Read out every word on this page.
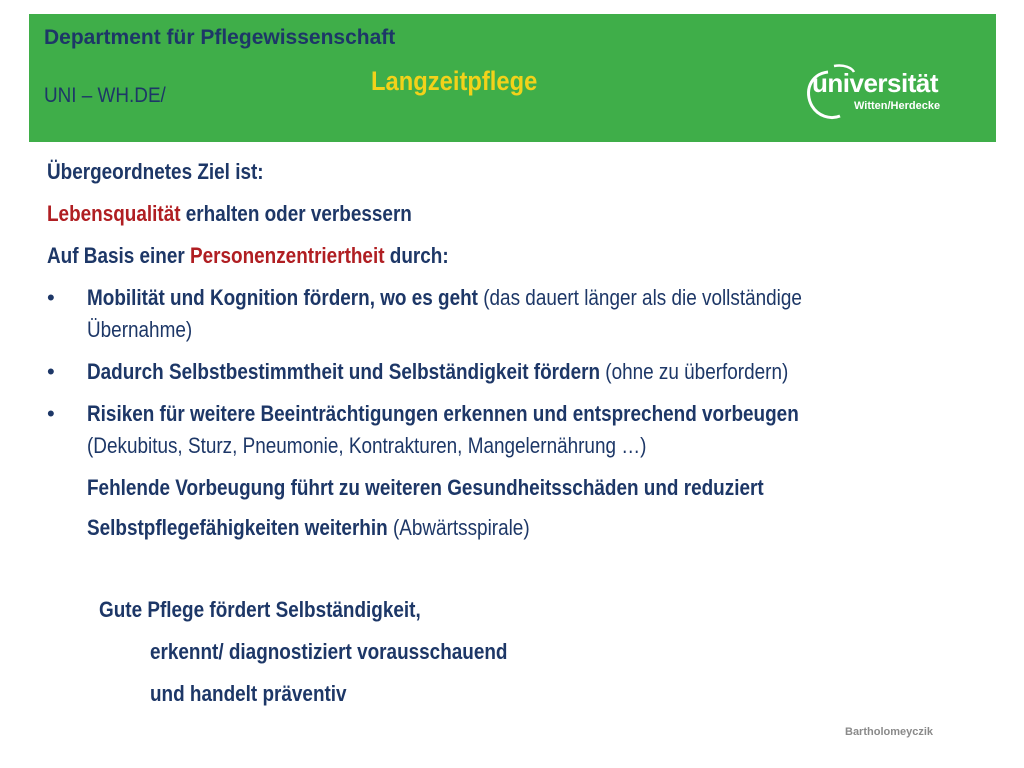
Department für Pflegewissenschaft
UNI – WH.DE/	Langzeitpflege	universität
Witten/Herdecke
Übergeordnetes Ziel ist:
Lebensqualität erhalten oder verbessern
Auf Basis einer Personenzentriertheit durch:
• Mobilität und Kognition fördern, wo es geht (das dauert länger als die vollständige
Übernahme)
• Dadurch Selbstbestimmtheit und Selbständigkeit fördern (ohne zu überfordern)
• Risiken für weitere Beeinträchtigungen erkennen und entsprechend vorbeugen
(Dekubitus, Sturz, Pneumonie, Kontrakturen, Mangelernährung …)
Fehlende Vorbeugung führt zu weiteren Gesundheitsschäden und reduziert
Selbstpflegefähigkeiten weiterhin (Abwärtsspirale)
Gute Pflege fördert Selbständigkeit,
erkennt/ diagnostiziert vorausschauend
und handelt präventiv
Bartholomeyczik
